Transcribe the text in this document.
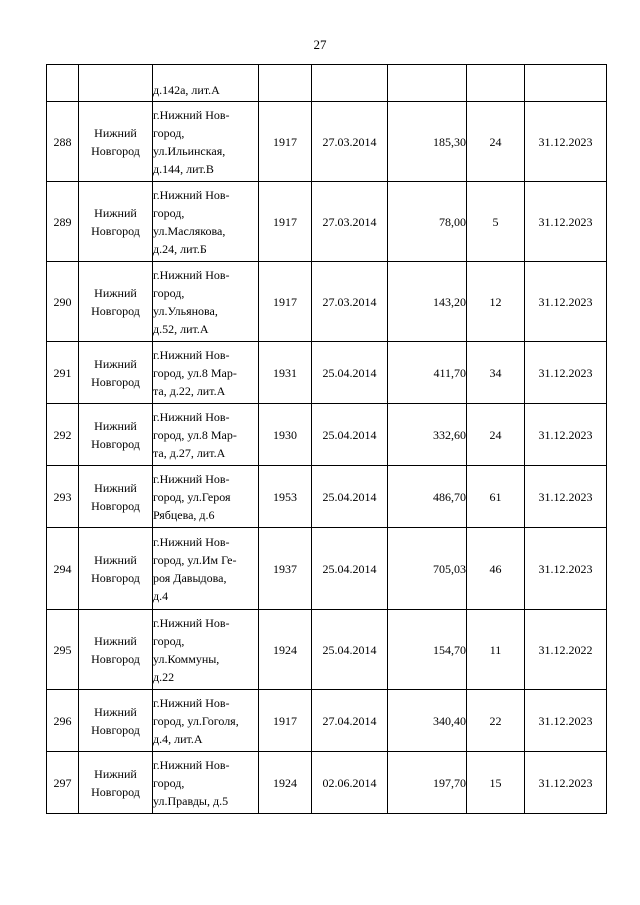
27

		д.142а, лит.А					

288	Нижний
Новгород	г.Нижний Нов-
город,
ул.Ильинская,
д.144, лит.В	1917	27.03.2014	185,30	24	31.12.2023

289	Нижний
Новгород	г.Нижний Нов-
город,
ул.Маслякова,
д.24, лит.Б	1917	27.03.2014	78,00	5	31.12.2023

290	Нижний
Новгород	г.Нижний Нов-
город,
ул.Ульянова,
д.52, лит.А	1917	27.03.2014	143,20	12	31.12.2023

291	Нижний
Новгород	г.Нижний Нов-
город, ул.8 Мар-
та, д.22, лит.А	1931	25.04.2014	411,70	34	31.12.2023

292	Нижний
Новгород	г.Нижний Нов-
город, ул.8 Мар-
та, д.27, лит.А	1930	25.04.2014	332,60	24	31.12.2023

293	Нижний
Новгород	г.Нижний Нов-
город, ул.Героя
Рябцева, д.6	1953	25.04.2014	486,70	61	31.12.2023

294	Нижний
Новгород	г.Нижний Нов-
город, ул.Им Ге-
роя Давыдова,
д.4	1937	25.04.2014	705,03	46	31.12.2023

295	Нижний
Новгород	г.Нижний Нов-
город,
ул.Коммуны,
д.22	1924	25.04.2014	154,70	11	31.12.2022

296	Нижний
Новгород	г.Нижний Нов-
город, ул.Гоголя,
д.4, лит.А	1917	27.04.2014	340,40	22	31.12.2023

297	Нижний
Новгород	г.Нижний Нов-
город,
ул.Правды, д.5	1924	02.06.2014	197,70	15	31.12.2023
